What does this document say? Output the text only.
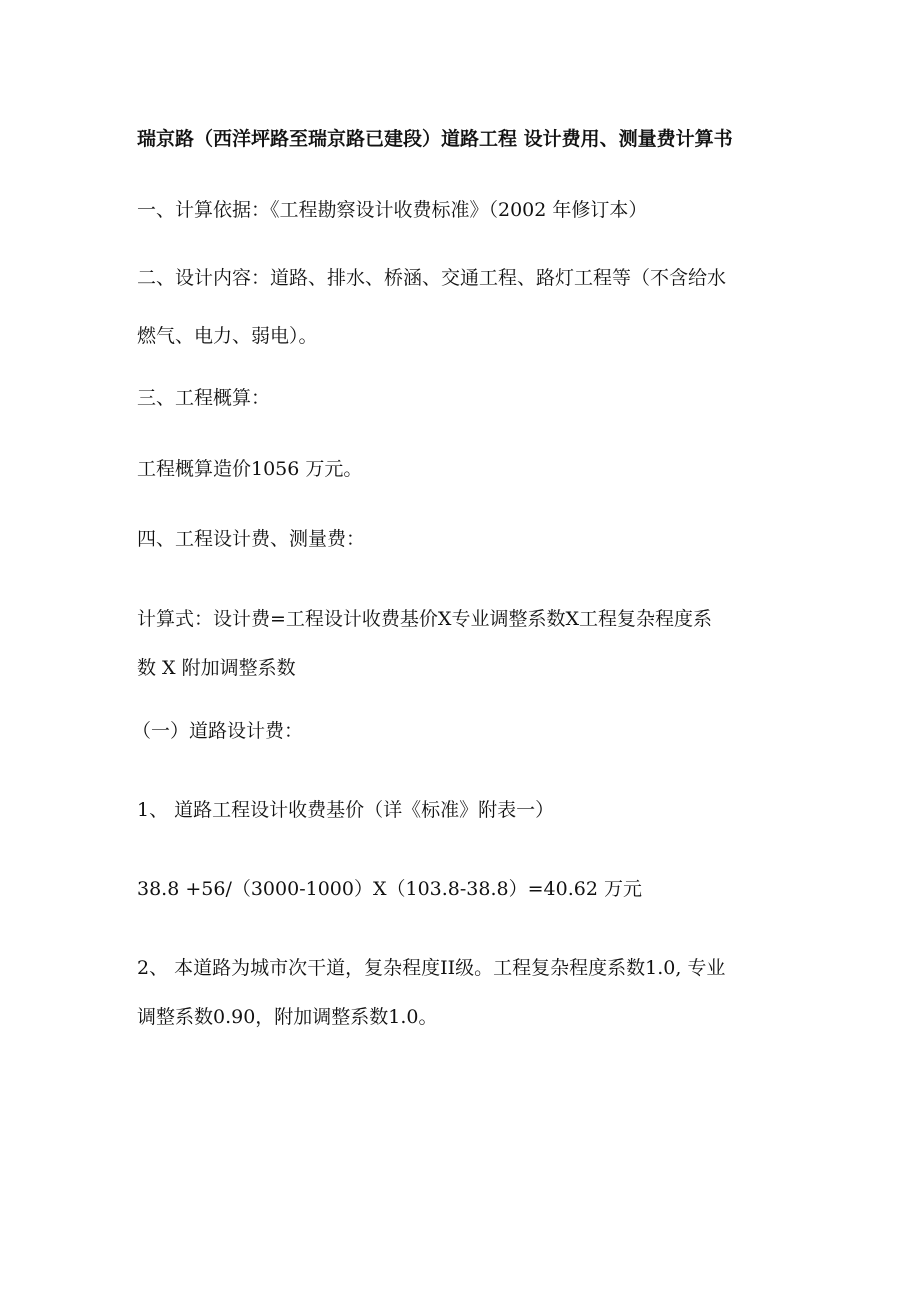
瑞京路（西洋坪路至瑞京路已建段）道路工程 设计费用、测量费计算书
一、计算依据：《工程勘察设计收费标准》（2002 年修订本）
二、设计内容：道路、排水、桥涵、交通工程、路灯工程等（不含给水
燃气、电力、弱电）。
三、工程概算：
工程概算造价1056 万元。
四、工程设计费、测量费：
计算式：设计费=工程设计收费基价X专业调整系数X工程复杂程度系
数 X 附加调整系数
（一）道路设计费：
1、 道路工程设计收费基价（详《标准》附表一）
38.8 +56/（3000-1000）X（103.8-38.8）=40.62 万元
2、 本道路为城市次干道，复杂程度II级。工程复杂程度系数1.0, 专业
调整系数0.90，附加调整系数1.0。
